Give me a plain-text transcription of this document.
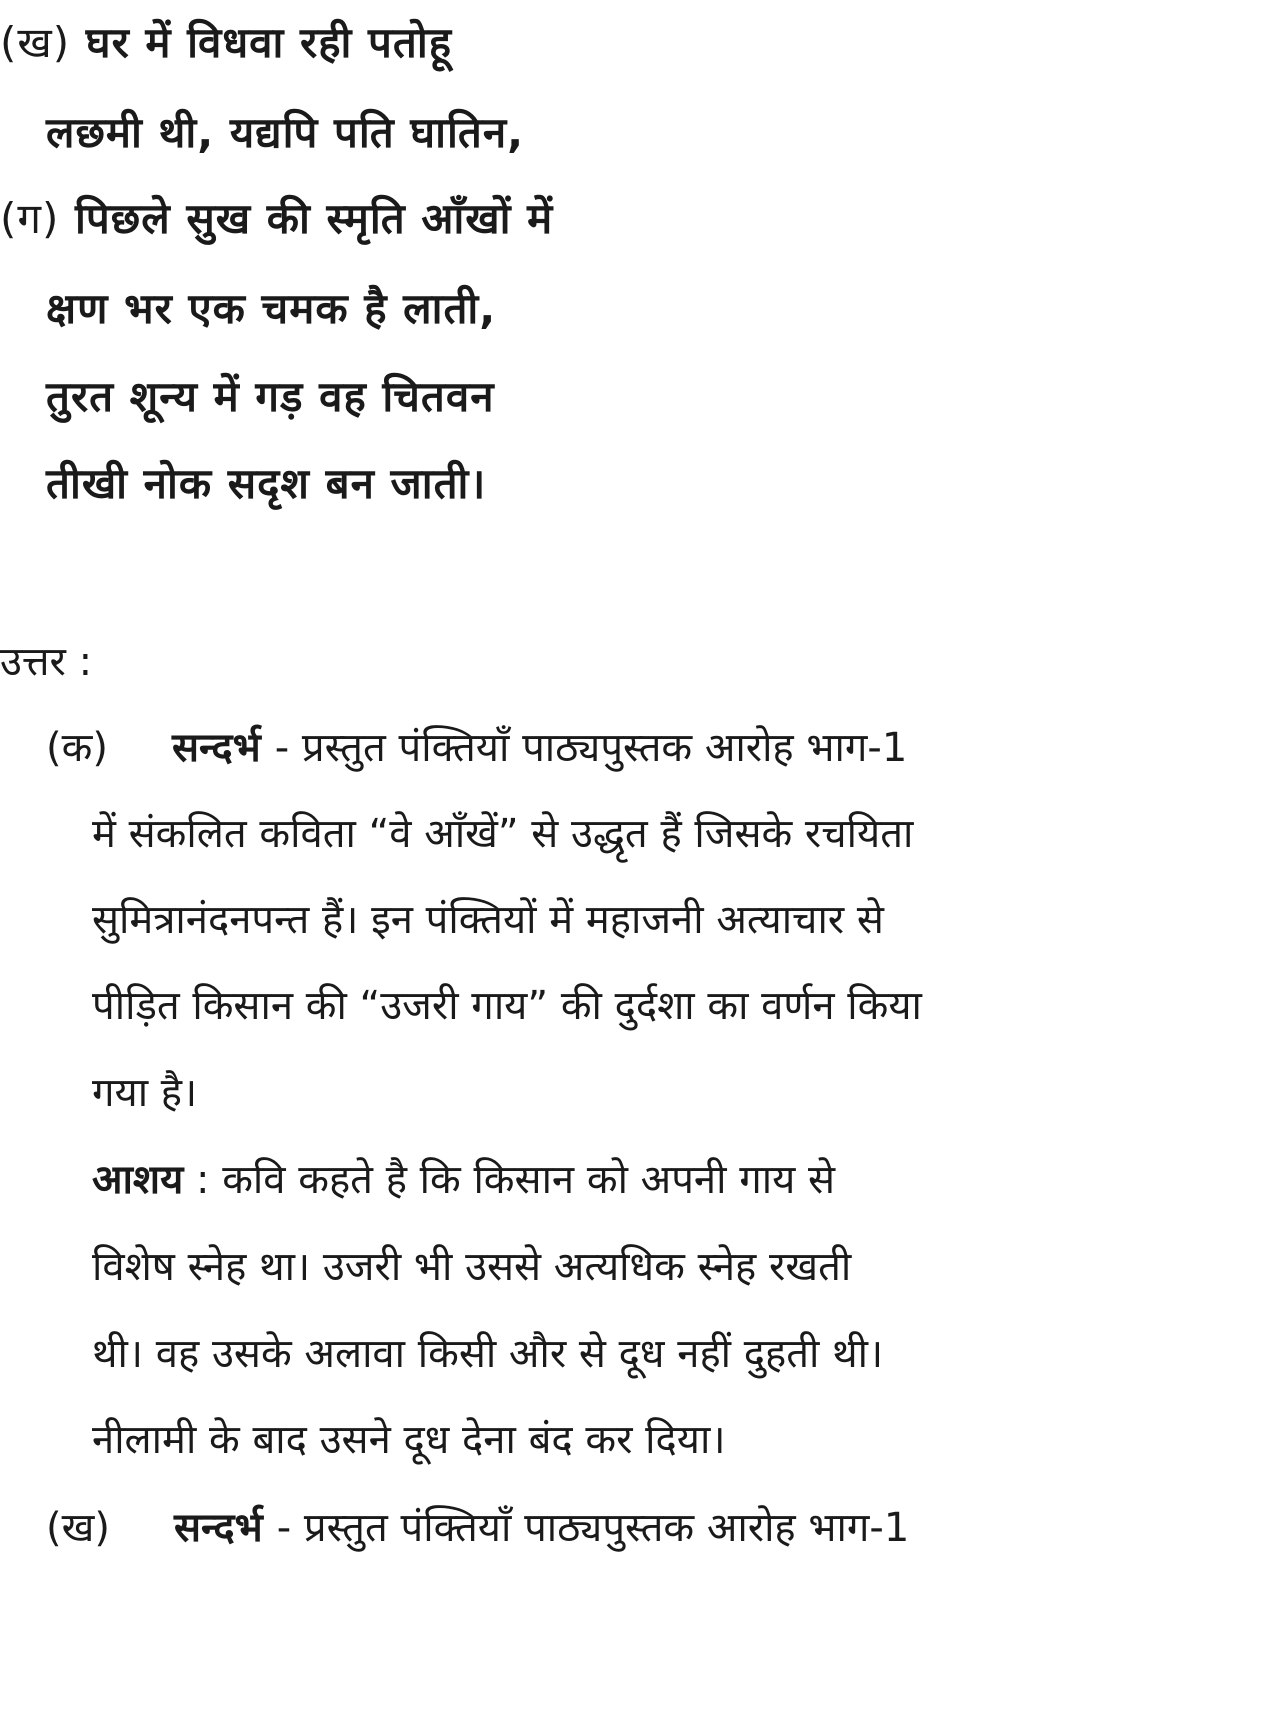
(ख) घर में विधवा रही पतोहू
लछमी थी, यद्यपि पति घातिन,
(ग) पिछले सुख की स्मृति आँखों में
क्षण भर एक चमक है लाती,
तुरत शून्य में गड़ वह चितवन
तीखी नोक सदृश बन जाती।
उत्तर :
(क) सन्दर्भ - प्रस्तुत पंक्तियाँ पाठ्यपुस्तक आरोह भाग-1
में संकलित कविता “वे आँखें” से उद्धृत हैं जिसके रचयिता
सुमित्रानंदनपन्त हैं। इन पंक्तियों में महाजनी अत्याचार से
पीड़ित किसान की “उजरी गाय” की दुर्दशा का वर्णन किया
गया है।
आशय : कवि कहते है कि किसान को अपनी गाय से
विशेष स्नेह था। उजरी भी उससे अत्यधिक स्नेह रखती
थी। वह उसके अलावा किसी और से दूध नहीं दुहती थी।
नीलामी के बाद उसने दूध देना बंद कर दिया।
(ख) सन्दर्भ - प्रस्तुत पंक्तियाँ पाठ्यपुस्तक आरोह भाग-1
